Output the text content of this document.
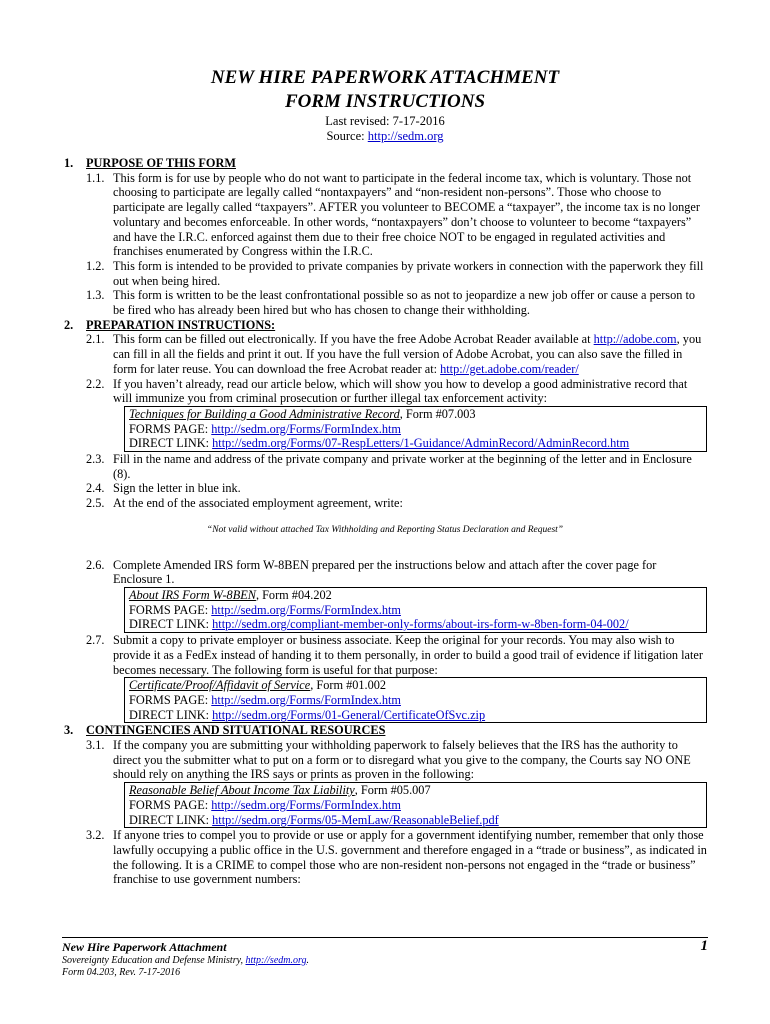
NEW HIRE PAPERWORK ATTACHMENT
FORM INSTRUCTIONS
Last revised: 7-17-2016
Source: http://sedm.org
1. PURPOSE OF THIS FORM
1.1. This form is for use by people who do not want to participate in the federal income tax, which is voluntary. Those not choosing to participate are legally called “nontaxpayers” and “non-resident non-persons”. Those who choose to participate are legally called “taxpayers”. AFTER you volunteer to BECOME a “taxpayer”, the income tax is no longer voluntary and becomes enforceable. In other words, “nontaxpayers” don’t choose to volunteer to become “taxpayers” and have the I.R.C. enforced against them due to their free choice NOT to be engaged in regulated activities and franchises enumerated by Congress within the I.R.C.
1.2. This form is intended to be provided to private companies by private workers in connection with the paperwork they fill out when being hired.
1.3. This form is written to be the least confrontational possible so as not to jeopardize a new job offer or cause a person to be fired who has already been hired but who has chosen to change their withholding.
2. PREPARATION INSTRUCTIONS:
2.1. This form can be filled out electronically. If you have the free Adobe Acrobat Reader available at http://adobe.com, you can fill in all the fields and print it out. If you have the full version of Adobe Acrobat, you can also save the filled in form for later reuse. You can download the free Acrobat reader at: http://get.adobe.com/reader/
2.2. If you haven’t already, read our article below, which will show you how to develop a good administrative record that will immunize you from criminal prosecution or further illegal tax enforcement activity:
Techniques for Building a Good Administrative Record, Form #07.003
FORMS PAGE: http://sedm.org/Forms/FormIndex.htm
DIRECT LINK: http://sedm.org/Forms/07-RespLetters/1-Guidance/AdminRecord/AdminRecord.htm
2.3. Fill in the name and address of the private company and private worker at the beginning of the letter and in Enclosure (8).
2.4. Sign the letter in blue ink.
2.5. At the end of the associated employment agreement, write:
“Not valid without attached Tax Withholding and Reporting Status Declaration and Request”
2.6. Complete Amended IRS form W-8BEN prepared per the instructions below and attach after the cover page for Enclosure 1.
About IRS Form W-8BEN, Form #04.202
FORMS PAGE: http://sedm.org/Forms/FormIndex.htm
DIRECT LINK: http://sedm.org/compliant-member-only-forms/about-irs-form-w-8ben-form-04-002/
2.7. Submit a copy to private employer or business associate. Keep the original for your records. You may also wish to provide it as a FedEx instead of handing it to them personally, in order to build a good trail of evidence if litigation later becomes necessary. The following form is useful for that purpose:
Certificate/Proof/Affidavit of Service, Form #01.002
FORMS PAGE: http://sedm.org/Forms/FormIndex.htm
DIRECT LINK: http://sedm.org/Forms/01-General/CertificateOfSvc.zip
3. CONTINGENCIES AND SITUATIONAL RESOURCES
3.1. If the company you are submitting your withholding paperwork to falsely believes that the IRS has the authority to direct you the submitter what to put on a form or to disregard what you give to the company, the Courts say NO ONE should rely on anything the IRS says or prints as proven in the following:
Reasonable Belief About Income Tax Liability, Form #05.007
FORMS PAGE: http://sedm.org/Forms/FormIndex.htm
DIRECT LINK: http://sedm.org/Forms/05-MemLaw/ReasonableBelief.pdf
3.2. If anyone tries to compel you to provide or use or apply for a government identifying number, remember that only those lawfully occupying a public office in the U.S. government and therefore engaged in a “trade or business”, as indicated in the following. It is a CRIME to compel those who are non-resident non-persons not engaged in the “trade or business” franchise to use government numbers:
New Hire Paperwork Attachment	1
Sovereignty Education and Defense Ministry, http://sedm.org.
Form 04.203, Rev. 7-17-2016
